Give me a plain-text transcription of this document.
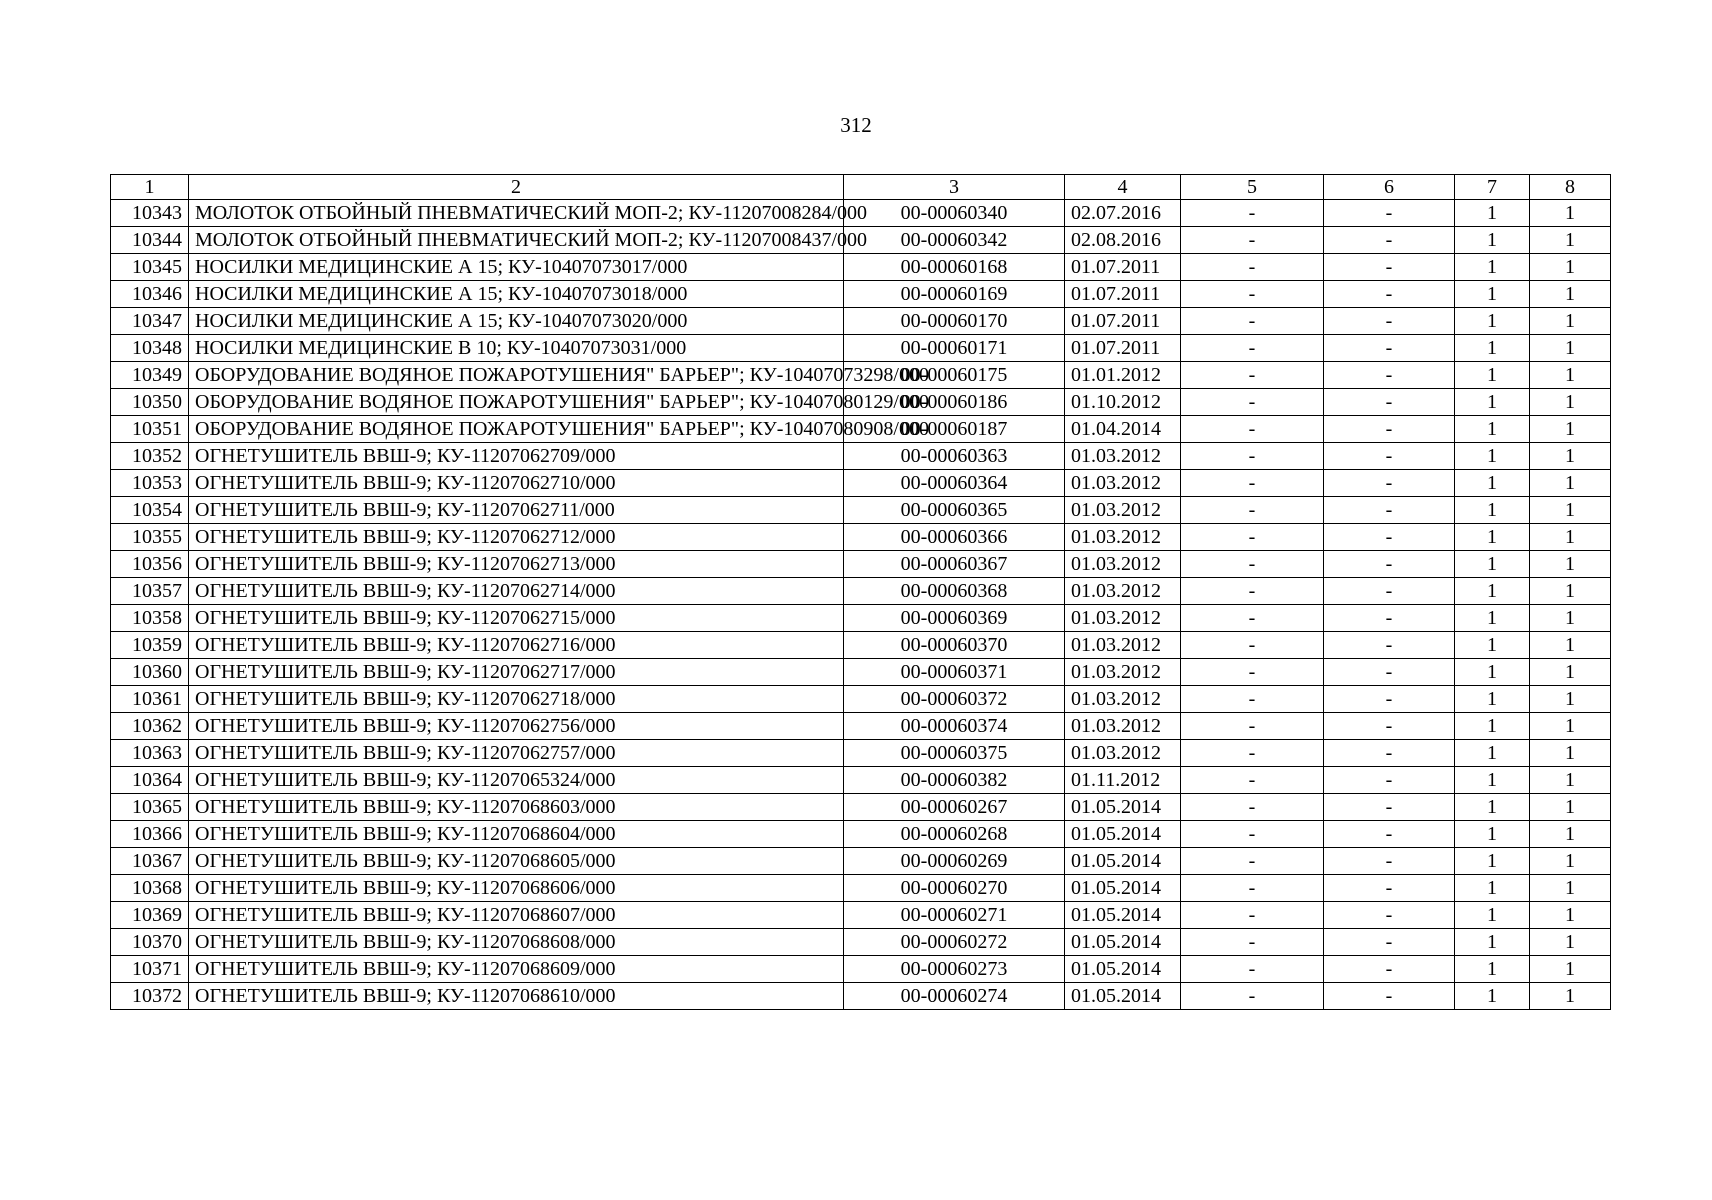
312
1	2	3	4	5	6	7	8
10343	МОЛОТОК ОТБОЙНЫЙ ПНЕВМАТИЧЕСКИЙ МОП-2; КУ-11207008284/000	00-00060340	02.07.2016	-	-	1	1
10344	МОЛОТОК ОТБОЙНЫЙ ПНЕВМАТИЧЕСКИЙ МОП-2; КУ-11207008437/000	00-00060342	02.08.2016	-	-	1	1
10345	НОСИЛКИ МЕДИЦИНСКИЕ А 15; КУ-10407073017/000	00-00060168	01.07.2011	-	-	1	1
10346	НОСИЛКИ МЕДИЦИНСКИЕ А 15; КУ-10407073018/000	00-00060169	01.07.2011	-	-	1	1
10347	НОСИЛКИ МЕДИЦИНСКИЕ А 15; КУ-10407073020/000	00-00060170	01.07.2011	-	-	1	1
10348	НОСИЛКИ МЕДИЦИНСКИЕ В 10; КУ-10407073031/000	00-00060171	01.07.2011	-	-	1	1
10349	ОБОРУДОВАНИЕ ВОДЯНОЕ ПОЖАРОТУШЕНИЯ" БАРЬЕР"; КУ-10407073298/000	00-00060175	01.01.2012	-	-	1	1
10350	ОБОРУДОВАНИЕ ВОДЯНОЕ ПОЖАРОТУШЕНИЯ" БАРЬЕР"; КУ-10407080129/000	00-00060186	01.10.2012	-	-	1	1
10351	ОБОРУДОВАНИЕ ВОДЯНОЕ ПОЖАРОТУШЕНИЯ" БАРЬЕР"; КУ-10407080908/000	00-00060187	01.04.2014	-	-	1	1
10352	ОГНЕТУШИТЕЛЬ ВВШ-9; КУ-11207062709/000	00-00060363	01.03.2012	-	-	1	1
10353	ОГНЕТУШИТЕЛЬ ВВШ-9; КУ-11207062710/000	00-00060364	01.03.2012	-	-	1	1
10354	ОГНЕТУШИТЕЛЬ ВВШ-9; КУ-11207062711/000	00-00060365	01.03.2012	-	-	1	1
10355	ОГНЕТУШИТЕЛЬ ВВШ-9; КУ-11207062712/000	00-00060366	01.03.2012	-	-	1	1
10356	ОГНЕТУШИТЕЛЬ ВВШ-9; КУ-11207062713/000	00-00060367	01.03.2012	-	-	1	1
10357	ОГНЕТУШИТЕЛЬ ВВШ-9; КУ-11207062714/000	00-00060368	01.03.2012	-	-	1	1
10358	ОГНЕТУШИТЕЛЬ ВВШ-9; КУ-11207062715/000	00-00060369	01.03.2012	-	-	1	1
10359	ОГНЕТУШИТЕЛЬ ВВШ-9; КУ-11207062716/000	00-00060370	01.03.2012	-	-	1	1
10360	ОГНЕТУШИТЕЛЬ ВВШ-9; КУ-11207062717/000	00-00060371	01.03.2012	-	-	1	1
10361	ОГНЕТУШИТЕЛЬ ВВШ-9; КУ-11207062718/000	00-00060372	01.03.2012	-	-	1	1
10362	ОГНЕТУШИТЕЛЬ ВВШ-9; КУ-11207062756/000	00-00060374	01.03.2012	-	-	1	1
10363	ОГНЕТУШИТЕЛЬ ВВШ-9; КУ-11207062757/000	00-00060375	01.03.2012	-	-	1	1
10364	ОГНЕТУШИТЕЛЬ ВВШ-9; КУ-11207065324/000	00-00060382	01.11.2012	-	-	1	1
10365	ОГНЕТУШИТЕЛЬ ВВШ-9; КУ-11207068603/000	00-00060267	01.05.2014	-	-	1	1
10366	ОГНЕТУШИТЕЛЬ ВВШ-9; КУ-11207068604/000	00-00060268	01.05.2014	-	-	1	1
10367	ОГНЕТУШИТЕЛЬ ВВШ-9; КУ-11207068605/000	00-00060269	01.05.2014	-	-	1	1
10368	ОГНЕТУШИТЕЛЬ ВВШ-9; КУ-11207068606/000	00-00060270	01.05.2014	-	-	1	1
10369	ОГНЕТУШИТЕЛЬ ВВШ-9; КУ-11207068607/000	00-00060271	01.05.2014	-	-	1	1
10370	ОГНЕТУШИТЕЛЬ ВВШ-9; КУ-11207068608/000	00-00060272	01.05.2014	-	-	1	1
10371	ОГНЕТУШИТЕЛЬ ВВШ-9; КУ-11207068609/000	00-00060273	01.05.2014	-	-	1	1
10372	ОГНЕТУШИТЕЛЬ ВВШ-9; КУ-11207068610/000	00-00060274	01.05.2014	-	-	1	1
